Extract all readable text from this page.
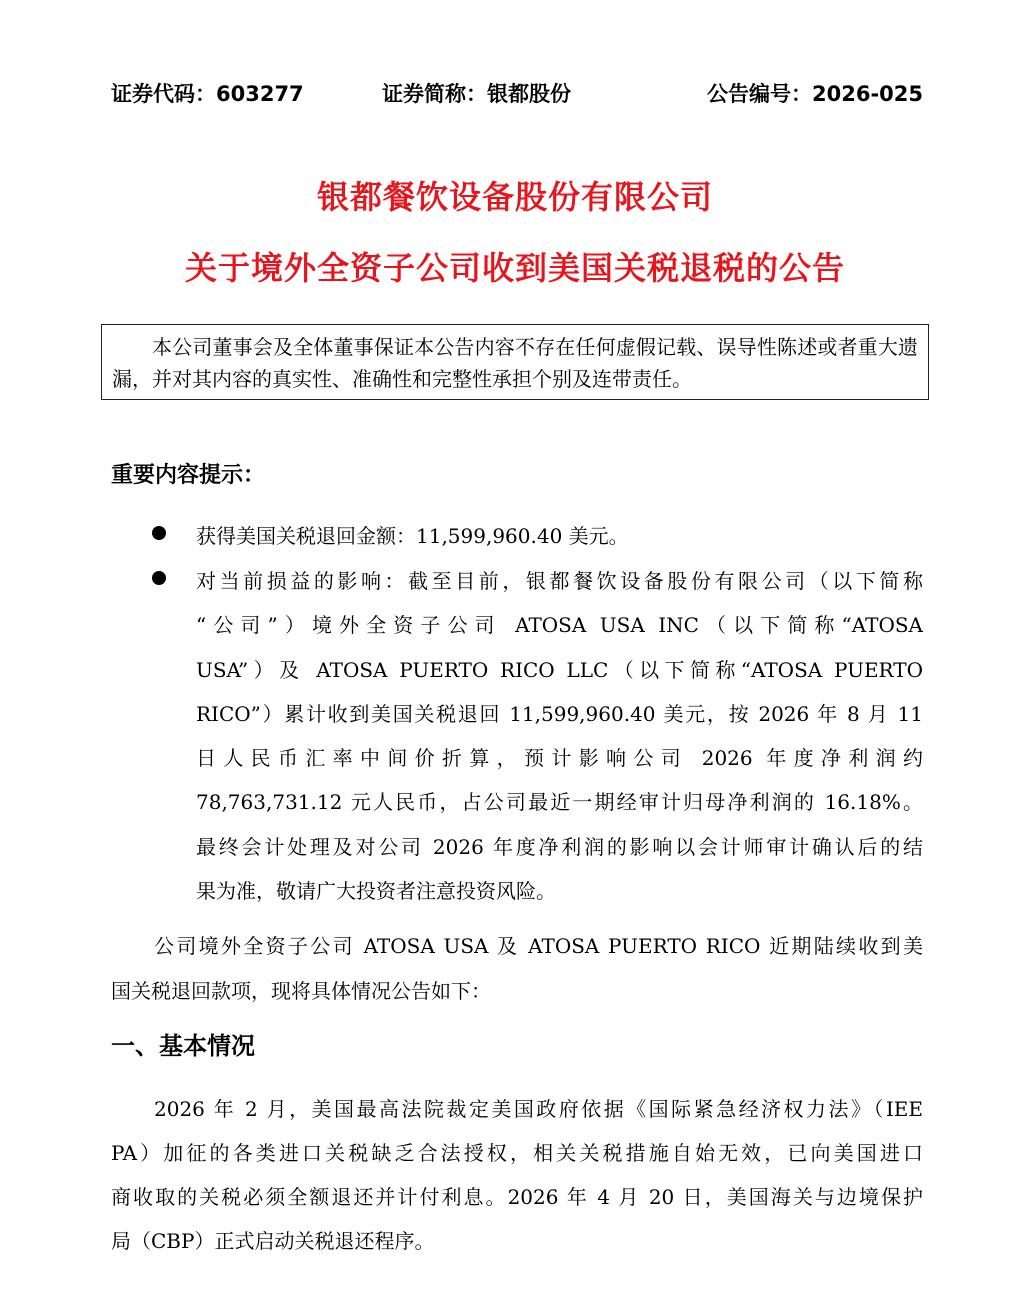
证券代码：603277	证券简称：银都股份	公告编号：2026-025
银都餐饮设备股份有限公司
关于境外全资子公司收到美国关税退税的公告
本公司董事会及全体董事保证本公告内容不存在任何虚假记载、误导性陈述或者重大遗漏，并对其内容的真实性、准确性和完整性承担个别及连带责任。
重要内容提示：
获得美国关税退回金额：11,599,960.40 美元。
对当前损益的影响：截至目前，银都餐饮设备股份有限公司（以下简称
“公司”）境外全资子公司 ATOSA USA INC（以下简称“ATOSA
USA”）及 ATOSA PUERTO RICO LLC（以下简称“ATOSA PUERTO
RICO”）累计收到美国关税退回 11,599,960.40 美元，按 2026 年 8 月 11
日人民币汇率中间价折算，预计影响公司 2026 年度净利润约
78,763,731.12 元人民币，占公司最近一期经审计归母净利润的 16.18%。
最终会计处理及对公司 2026 年度净利润的影响以会计师审计确认后的结
果为准，敬请广大投资者注意投资风险。
公司境外全资子公司 ATOSA USA 及 ATOSA PUERTO RICO 近期陆续收到美
国关税退回款项，现将具体情况公告如下：
一、基本情况
2026 年 2 月，美国最高法院裁定美国政府依据《国际紧急经济权力法》（IEE
PA）加征的各类进口关税缺乏合法授权，相关关税措施自始无效，已向美国进口
商收取的关税必须全额退还并计付利息。2026 年 4 月 20 日，美国海关与边境保护
局（CBP）正式启动关税退还程序。
